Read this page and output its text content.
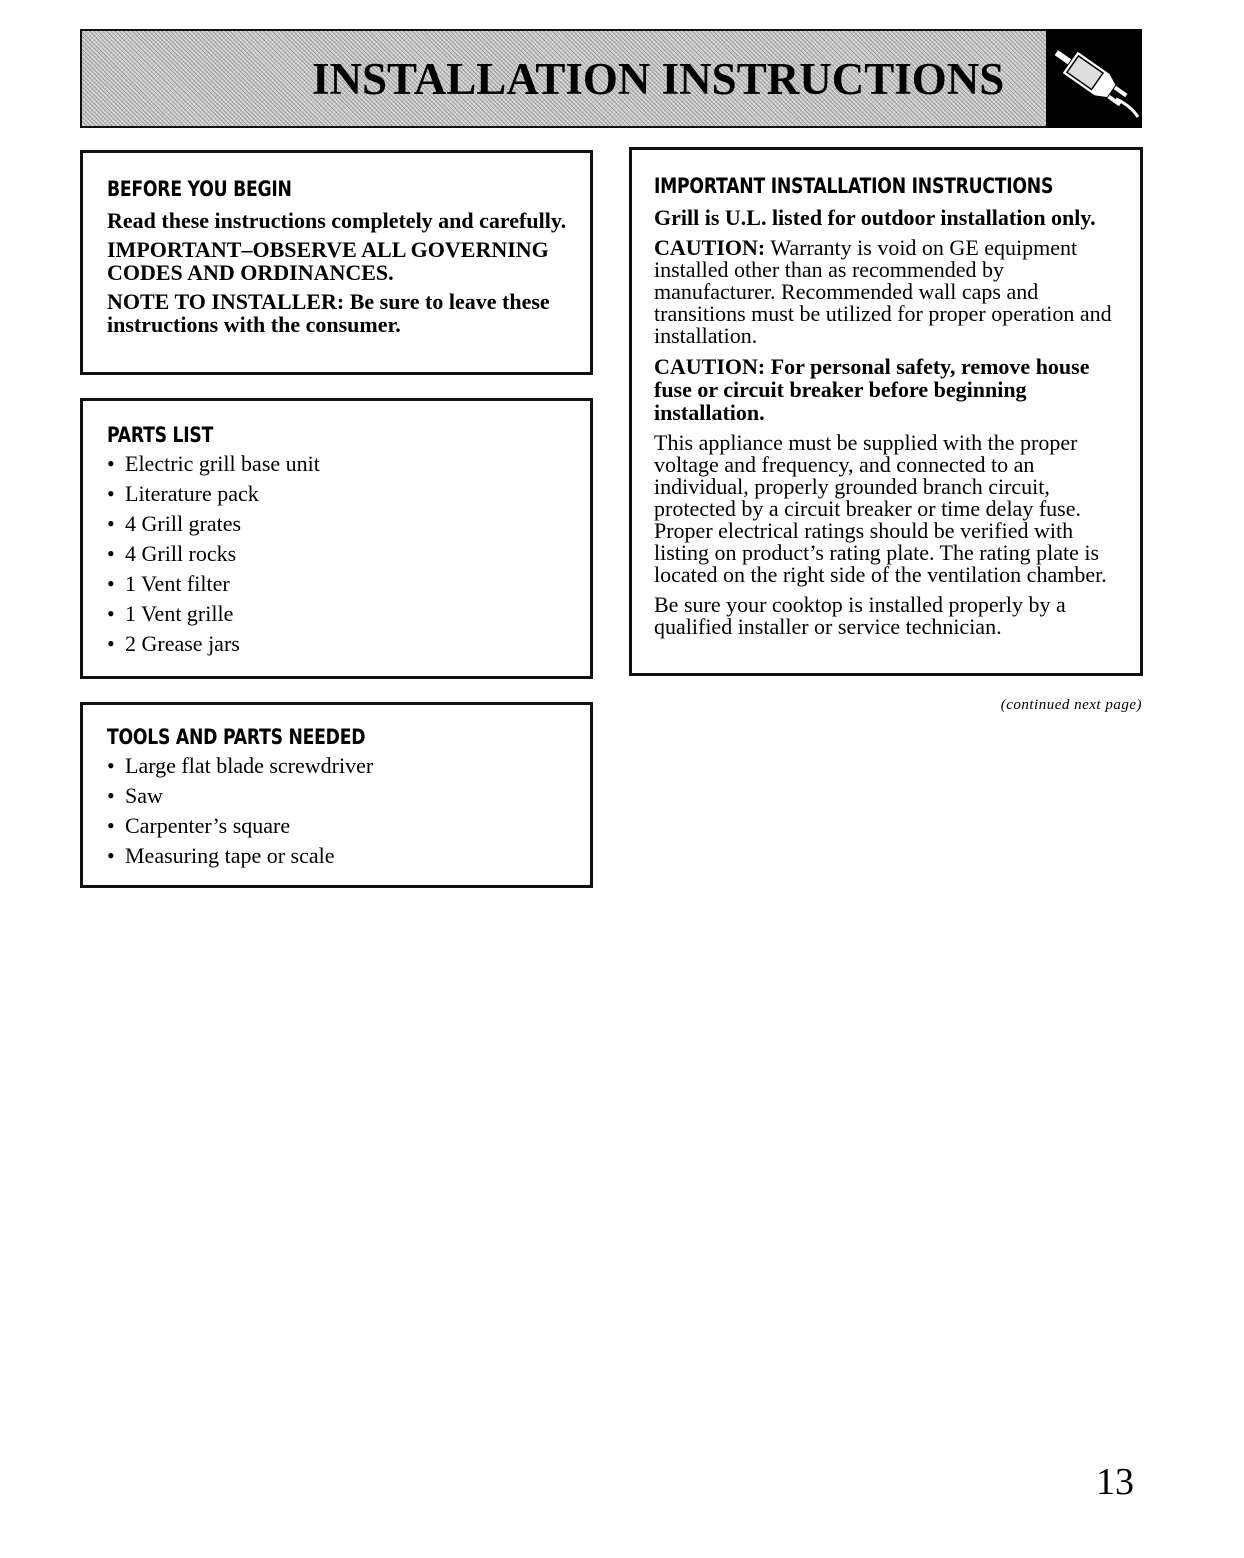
INSTALLATION INSTRUCTIONS
BEFORE YOU BEGIN

Read these instructions completely and carefully.

IMPORTANT–OBSERVE ALL GOVERNING CODES AND ORDINANCES.

NOTE TO INSTALLER: Be sure to leave these instructions with the consumer.

PARTS LIST
• Electric grill base unit
• Literature pack
• 4 Grill grates
• 4 Grill rocks
• 1 Vent filter
• 1 Vent grille
• 2 Grease jars
TOOLS AND PARTS NEEDED
• Large flat blade screwdriver
• Saw
• Carpenter’s square
• Measuring tape or scale
IMPORTANT INSTALLATION INSTRUCTIONS

Grill is U.L. listed for outdoor installation only.

CAUTION: Warranty is void on GE equipment installed other than as recommended by manufacturer. Recommended wall caps and transitions must be utilized for proper operation and installation.

CAUTION: For personal safety, remove house fuse or circuit breaker before beginning installation.

This appliance must be supplied with the proper voltage and frequency, and connected to an individual, properly grounded branch circuit, protected by a circuit breaker or time delay fuse. Proper electrical ratings should be verified with listing on product’s rating plate. The rating plate is located on the right side of the ventilation chamber.

Be sure your cooktop is installed properly by a qualified installer or service technician.

(continued next page)
13
